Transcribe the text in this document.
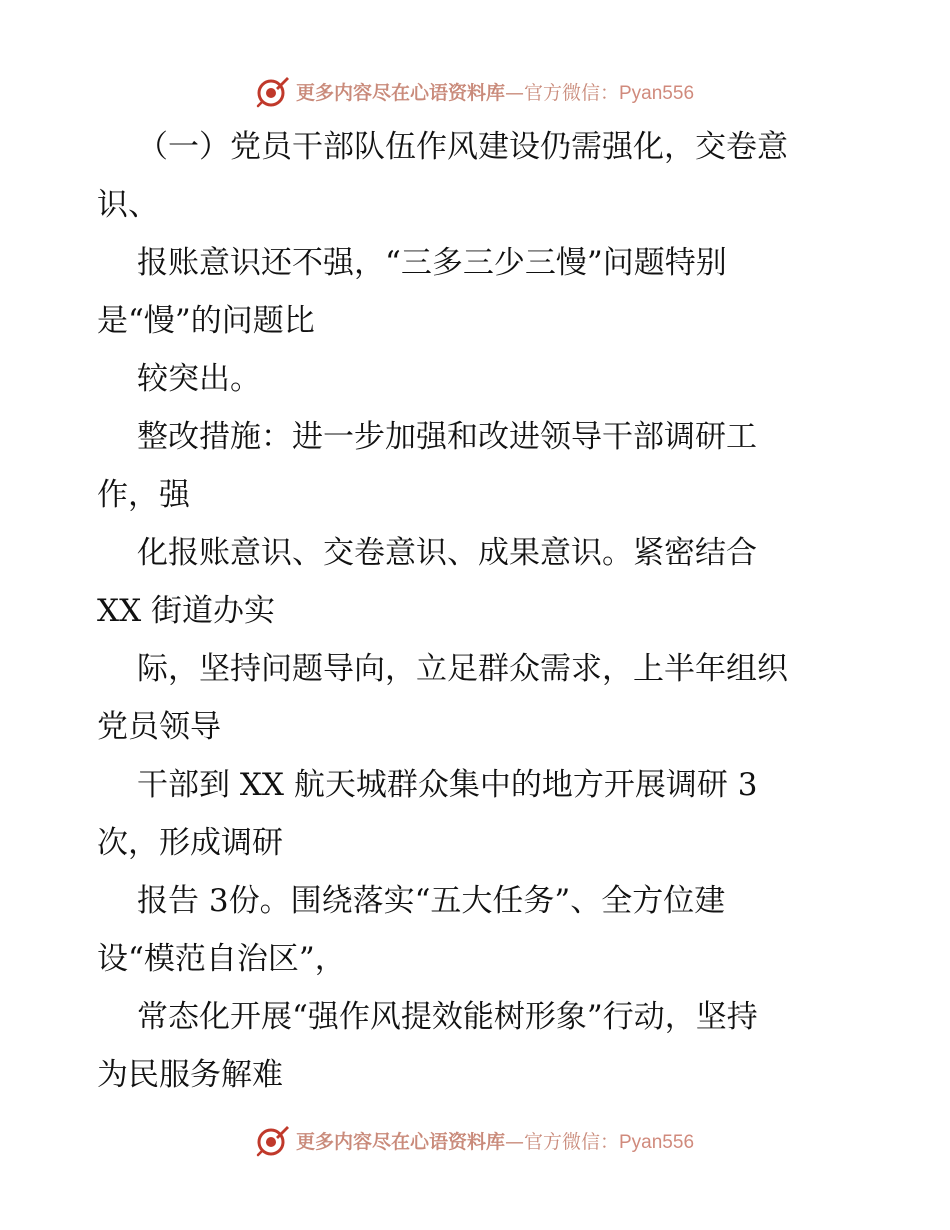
更多内容尽在心语资料库—官方微信：Pyan556
（一）党员干部队伍作风建设仍需强化，交卷意
识、
报账意识还不强，“三多三少三慢”问题特别
是“慢”的问题比
较突出。
整改措施：进一步加强和改进领导干部调研工
作，强
化报账意识、交卷意识、成果意识。紧密结合
XX 街道办实
际，坚持问题导向，立足群众需求，上半年组织
党员领导
干部到 XX 航天城群众集中的地方开展调研 3
次，形成调研
报告 3份。围绕落实“五大任务”、全方位建
设“模范自治区”，
常态化开展“强作风提效能树形象”行动，坚持
为民服务解难
更多内容尽在心语资料库—官方微信：Pyan556
